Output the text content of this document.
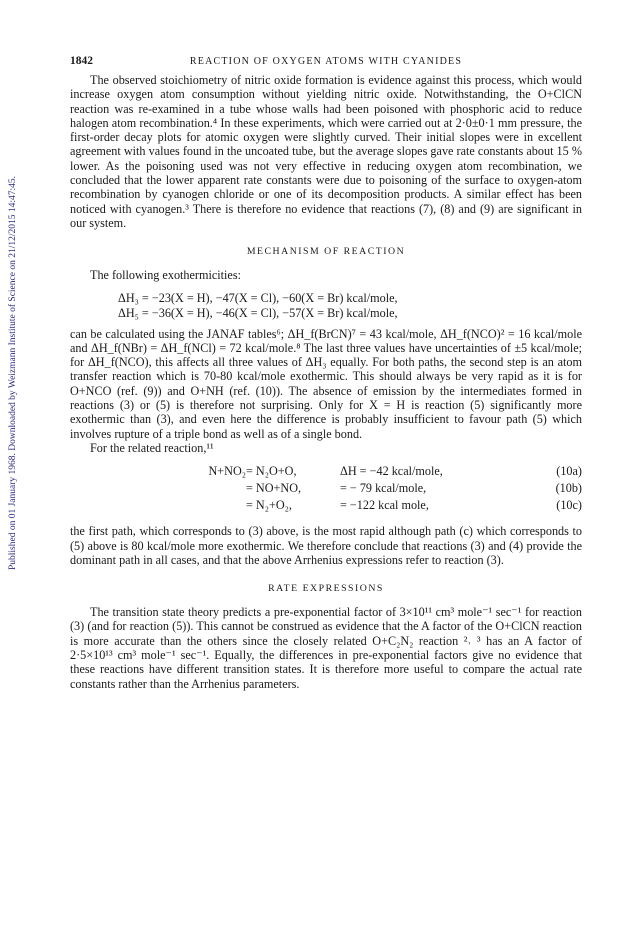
Published on 01 January 1968. Downloaded by Weizmann Institute of Science on 21/12/2015 14:47:45.
1842	REACTION OF OXYGEN ATOMS WITH CYANIDES

The observed stoichiometry of nitric oxide formation is evidence against this process, which would increase oxygen atom consumption without yielding nitric oxide. Notwithstanding, the O+ClCN reaction was re-examined in a tube whose walls had been poisoned with phosphoric acid to reduce halogen atom recombination.⁴ In these experiments, which were carried out at 2·0±0·1 mm pressure, the first-order decay plots for atomic oxygen were slightly curved. Their initial slopes were in excellent agreement with values found in the uncoated tube, but the average slopes gave rate constants about 15 % lower. As the poisoning used was not very effective in reducing oxygen atom recombination, we concluded that the lower apparent rate constants were due to poisoning of the surface to oxygen-atom recombination by cyanogen chloride or one of its decomposition products. A similar effect has been noticed with cyanogen.³ There is therefore no evidence that reactions (7), (8) and (9) are significant in our system.

MECHANISM OF REACTION

The following exothermicities:

ΔH₃ = −23(X = H), −47(X = Cl), −60(X = Br) kcal/mole,
ΔH₅ = −36(X = H), −46(X = Cl), −57(X = Br) kcal/mole,

can be calculated using the JANAF tables⁶; ΔH_f(BrCN)⁷ = 43 kcal/mole, ΔH_f(NCO)² = 16 kcal/mole and ΔH_f(NBr) = ΔH_f(NCl) = 72 kcal/mole.⁸ The last three values have uncertainties of ±5 kcal/mole; for ΔH_f(NCO), this affects all three values of ΔH₃ equally. For both paths, the second step is an atom transfer reaction which is 70-80 kcal/mole exothermic. This should always be very rapid as it is for O+NCO (ref. (9)) and O+NH (ref. (10)). The absence of emission by the intermediates formed in reactions (3) or (5) is therefore not surprising. Only for X = H is reaction (5) significantly more exothermic than (3), and even here the difference is probably insufficient to favour path (5) which involves rupture of a triple bond as well as of a single bond.

For the related reaction,¹¹

N+NO₂ = N₂O+O,	ΔH = −42 kcal/mole,	(10a)
= NO+NO,	= − 79 kcal/mole,	(10b)
= N₂+O₂,	= −122 kcal mole,	(10c)

the first path, which corresponds to (3) above, is the most rapid although path (c) which corresponds to (5) above is 80 kcal/mole more exothermic. We therefore conclude that reactions (3) and (4) provide the dominant path in all cases, and that the above Arrhenius expressions refer to reaction (3).

RATE EXPRESSIONS

The transition state theory predicts a pre-exponential factor of 3×10¹¹ cm³ mole⁻¹ sec⁻¹ for reaction (3) (and for reaction (5)). This cannot be construed as evidence that the A factor of the O+ClCN reaction is more accurate than the others since the closely related O+C₂N₂ reaction ²˒ ³ has an A factor of 2·5×10¹³ cm³ mole⁻¹ sec⁻¹. Equally, the differences in pre-exponential factors give no evidence that these reactions have different transition states. It is therefore more useful to compare the actual rate constants rather than the Arrhenius parameters.
